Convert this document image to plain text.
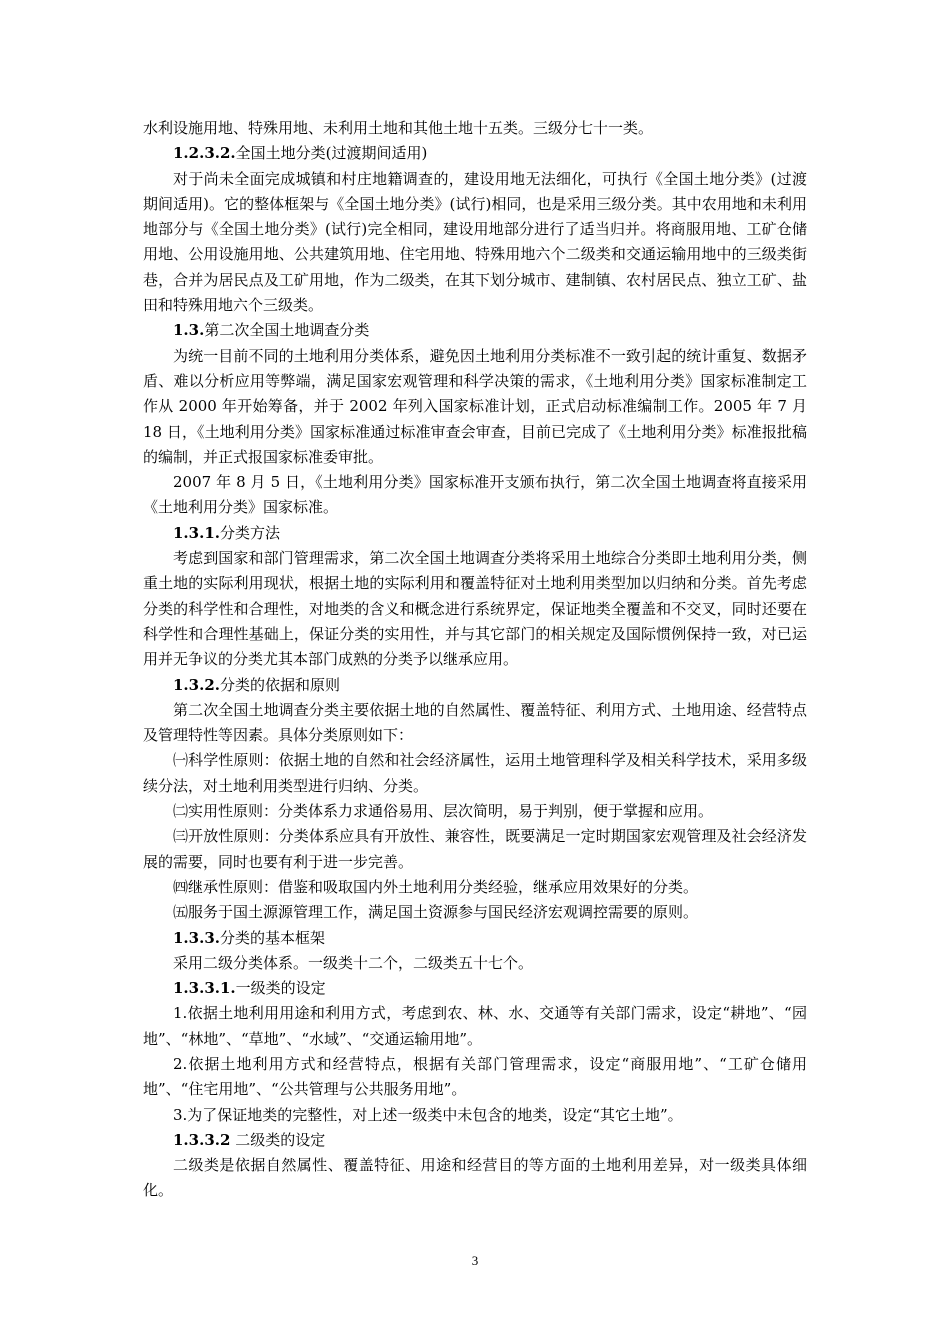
水利设施用地、特殊用地、未利用土地和其他土地十五类。三级分七十一类。

1.2.3.2.全国土地分类(过渡期间适用)

对于尚未全面完成城镇和村庄地籍调查的，建设用地无法细化，可执行《全国土地分类》(过渡期间适用)。它的整体框架与《全国土地分类》(试行)相同，也是采用三级分类。其中农用地和未利用地部分与《全国土地分类》(试行)完全相同，建设用地部分进行了适当归并。将商服用地、工矿仓储用地、公用设施用地、公共建筑用地、住宅用地、特殊用地六个二级类和交通运输用地中的三级类街巷，合并为居民点及工矿用地，作为二级类，在其下划分城市、建制镇、农村居民点、独立工矿、盐田和特殊用地六个三级类。

1.3.第二次全国土地调查分类

为统一目前不同的土地利用分类体系，避免因土地利用分类标准不一致引起的统计重复、数据矛盾、难以分析应用等弊端，满足国家宏观管理和科学决策的需求，《土地利用分类》国家标准制定工作从 2000 年开始筹备，并于 2002 年列入国家标准计划，正式启动标准编制工作。2005 年 7 月 18 日，《土地利用分类》国家标准通过标准审查会审查，目前已完成了《土地利用分类》标准报批稿的编制，并正式报国家标准委审批。

2007 年 8 月 5 日，《土地利用分类》国家标准开支颁布执行，第二次全国土地调查将直接采用《土地利用分类》国家标准。

1.3.1.分类方法

考虑到国家和部门管理需求，第二次全国土地调查分类将采用土地综合分类即土地利用分类，侧重土地的实际利用现状，根据土地的实际利用和覆盖特征对土地利用类型加以归纳和分类。首先考虑分类的科学性和合理性，对地类的含义和概念进行系统界定，保证地类全覆盖和不交叉，同时还要在科学性和合理性基础上，保证分类的实用性，并与其它部门的相关规定及国际惯例保持一致，对已运用并无争议的分类尤其本部门成熟的分类予以继承应用。

1.3.2.分类的依据和原则

第二次全国土地调查分类主要依据土地的自然属性、覆盖特征、利用方式、土地用途、经营特点及管理特性等因素。具体分类原则如下：

㈠科学性原则：依据土地的自然和社会经济属性，运用土地管理科学及相关科学技术，采用多级续分法，对土地利用类型进行归纳、分类。

㈡实用性原则：分类体系力求通俗易用、层次简明，易于判别，便于掌握和应用。

㈢开放性原则：分类体系应具有开放性、兼容性，既要满足一定时期国家宏观管理及社会经济发展的需要，同时也要有利于进一步完善。

㈣继承性原则：借鉴和吸取国内外土地利用分类经验，继承应用效果好的分类。

㈤服务于国土源源管理工作，满足国土资源参与国民经济宏观调控需要的原则。

1.3.3.分类的基本框架

采用二级分类体系。一级类十二个，二级类五十七个。

1.3.3.1.一级类的设定

1.依据土地利用用途和利用方式，考虑到农、林、水、交通等有关部门需求，设定“耕地”、“园地”、“林地”、“草地”、“水域”、“交通运输用地”。

2.依据土地利用方式和经营特点，根据有关部门管理需求，设定“商服用地”、“工矿仓储用地”、“住宅用地”、“公共管理与公共服务用地”。

3.为了保证地类的完整性，对上述一级类中未包含的地类，设定“其它土地”。

1.3.3.2 二级类的设定

二级类是依据自然属性、覆盖特征、用途和经营目的等方面的土地利用差异，对一级类具体细化。

3
